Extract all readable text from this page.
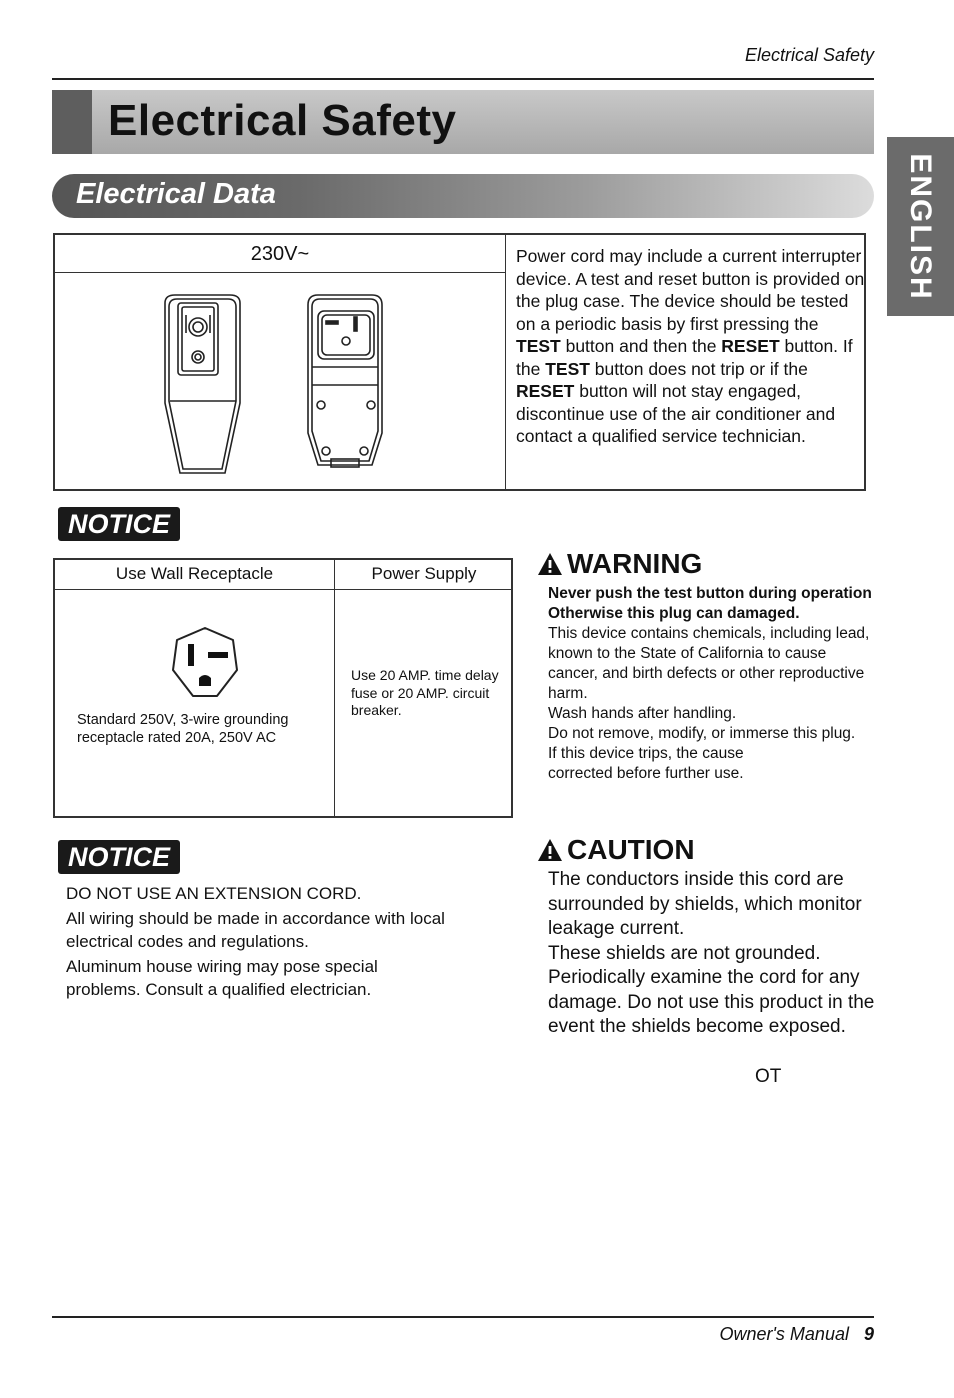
Electrical Safety
Electrical Safety
ENGLISH
Electrical Data
230V~	Power cord may include a current interrupter device. A test and reset button is provided on the plug case. The device should be tested on a periodic basis by first pressing the TEST button and then the RESET button. If the TEST button does not trip or if the RESET button will not stay engaged, discontinue use of the air conditioner and contact a qualified service technician.
NOTICE
Use Wall Receptacle	Power Supply
Standard 250V, 3-wire grounding receptacle rated 20A, 250V AC
Use 20 AMP. time delay fuse or 20 AMP. circuit breaker.
WARNING
Never push the test button during operation
Otherwise this plug can damaged.
This device contains chemicals, including lead, known to the State of California to cause cancer, and birth defects or other reproductive harm.
Wash hands after handling.
Do not remove, modify, or immerse this plug.
If this device trips, the cause corrected before further use.
NOTICE
DO NOT USE AN EXTENSION CORD.
All wiring should be made in accordance with local electrical codes and regulations.
Aluminum house wiring may pose special problems. Consult a qualified electrician.
CAUTION
The conductors inside this cord are surrounded by shields, which monitor leakage current.
These shields are not grounded. Periodically examine the cord for any damage. Do not use this product in the event the shields become exposed.
OT
Owner's Manual 9
